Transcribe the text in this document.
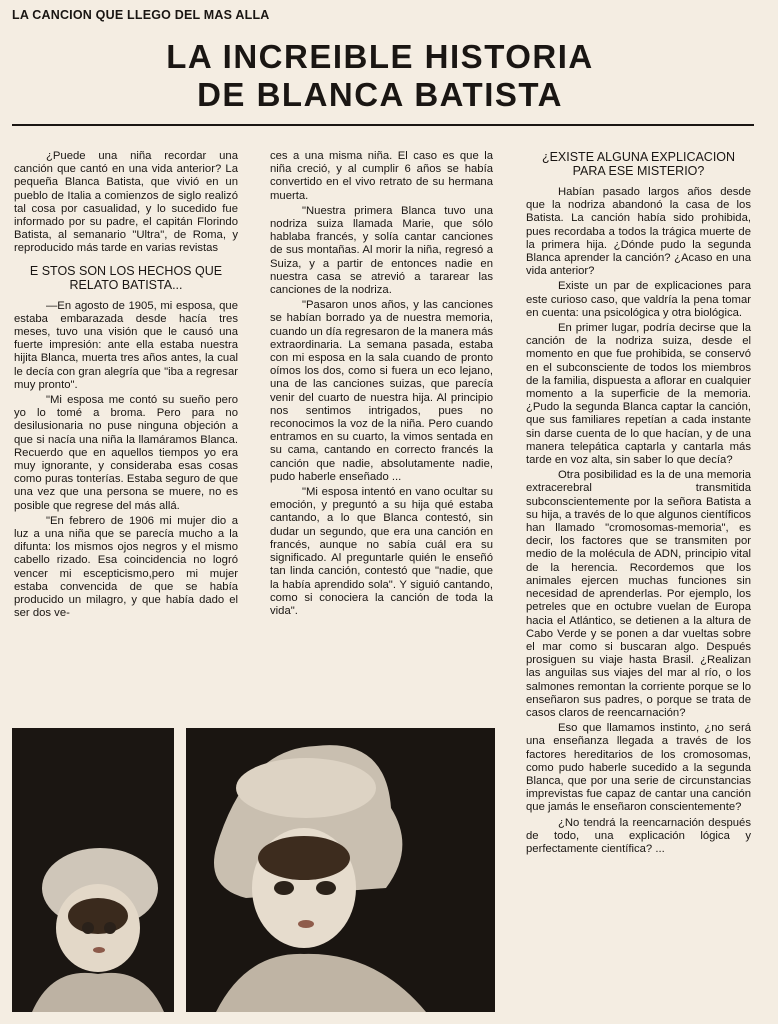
LA CANCION QUE LLEGO DEL MAS ALLA
LA INCREIBLE HISTORIA
DE BLANCA BATISTA

¿Puede una niña recordar una canción que cantó en una vida anterior? La pequeña Blanca Batista, que vivió en un pueblo de Italia a comienzos de siglo realizó tal cosa por casualidad, y lo sucedido fue informado por su padre, el capitán Florindo Batista, al semanario "Ultra", de Roma, y reproducido más tarde en varias revistas

E STOS SON LOS HECHOS QUE RELATO BATISTA...

—En agosto de 1905, mi esposa, que estaba embarazada desde hacía tres meses, tuvo una visión que le causó una fuerte impresión: ante ella estaba nuestra hijita Blanca, muerta tres años antes, la cual le decía con gran alegría que "iba a regresar muy pronto".

"Mi esposa me contó su sueño pero yo lo tomé a broma. Pero para no desilusionaria no puse ninguna objeción a que si nacía una niña la llamáramos Blanca. Recuerdo que en aquellos tiempos yo era muy ignorante, y consideraba esas cosas como puras tonterías. Estaba seguro de que una vez que una persona se muere, no es posible que regrese del más allá.

"En febrero de 1906 mi mujer dio a luz a una niña que se parecía mucho a la difunta: los mismos ojos negros y el mismo cabello rizado. Esa coincidencia no logró vencer mi escepticismo,pero mi mujer estaba convencida de que se había producido un milagro, y que había dado el ser dos ve-

ces a una misma niña. El caso es que la niña creció, y al cumplir 6 años se había convertido en el vivo retrato de su hermana muerta.

"Nuestra primera Blanca tuvo una nodriza suiza llamada Marie, que sólo hablaba francés, y solía cantar canciones de sus montañas. Al morir la niña, regresó a Suiza, y a partir de entonces nadie en nuestra casa se atrevió a tararear las canciones de la nodriza.

"Pasaron unos años, y las canciones se habían borrado ya de nuestra memoria, cuando un día regresaron de la manera más extraordinaria. La semana pasada, estaba con mi esposa en la sala cuando de pronto oímos los dos, como si fuera un eco lejano, una de las canciones suizas, que parecía venir del cuarto de nuestra hija. Al principio nos sentimos intrigados, pues no reconocimos la voz de la niña. Pero cuando entramos en su cuarto, la vimos sentada en su cama, cantando en correcto francés la canción que nadie, absolutamente nadie, pudo haberle enseñado ...

"Mi esposa intentó en vano ocultar su emoción, y preguntó a su hija qué estaba cantando, a lo que Blanca contestó, sin dudar un segundo, que era una canción en francés, aunque no sabía cuál era su significado. Al preguntarle quién le enseñó tan linda canción, contestó que "nadie, que la había aprendido sola". Y siguió cantando, como si conociera la canción de toda la vida".

¿EXISTE ALGUNA EXPLICACION PARA ESE MISTERIO?

Habían pasado largos años desde que la nodriza abandonó la casa de los Batista. La canción había sido prohibida, pues recordaba a todos la trágica muerte de la primera hija. ¿Dónde pudo la segunda Blanca aprender la canción? ¿Acaso en una vida anterior?

Existe un par de explicaciones para este curioso caso, que valdría la pena tomar en cuenta: una psicológica y otra biológica.

En primer lugar, podría decirse que la canción de la nodriza suiza, desde el momento en que fue prohibida, se conservó en el subconsciente de todos los miembros de la familia, dispuesta a aflorar en cualquier momento a la superficie de la memoria. ¿Pudo la segunda Blanca captar la canción, que sus familiares repetían a cada instante sin darse cuenta de lo que hacían, y de una manera telepática captarla y cantarla más tarde en voz alta, sin saber lo que decía?

Otra posibilidad es la de una memoria extracerebral transmitida subconscientemente por la señora Batista a su hija, a través de lo que algunos científicos han llamado "cromosomas-memoria", es decir, los factores que se transmiten por medio de la molécula de ADN, principio vital de la herencia. Recordemos que los animales ejercen muchas funciones sin necesidad de aprenderlas. Por ejemplo, los petreles que en octubre vuelan de Europa hacia el Atlántico, se detienen a la altura de Cabo Verde y se ponen a dar vueltas sobre el mar como si buscaran algo. Después prosiguen su viaje hasta Brasil. ¿Realizan las anguilas sus viajes del mar al río, o los salmones remontan la corriente porque se lo enseñaron sus padres, o porque se trata de casos claros de reencarnación?

Eso que llamamos instinto, ¿no será una enseñanza llegada a través de los factores hereditarios de los cromosomas, como pudo haberle sucedido a la segunda Blanca, que por una serie de circunstancias imprevistas fue capaz de cantar una canción que jamás le enseñaron conscientemente?

¿No tendrá la reencarnación después de todo, una explicación lógica y perfectamente científica? ...
